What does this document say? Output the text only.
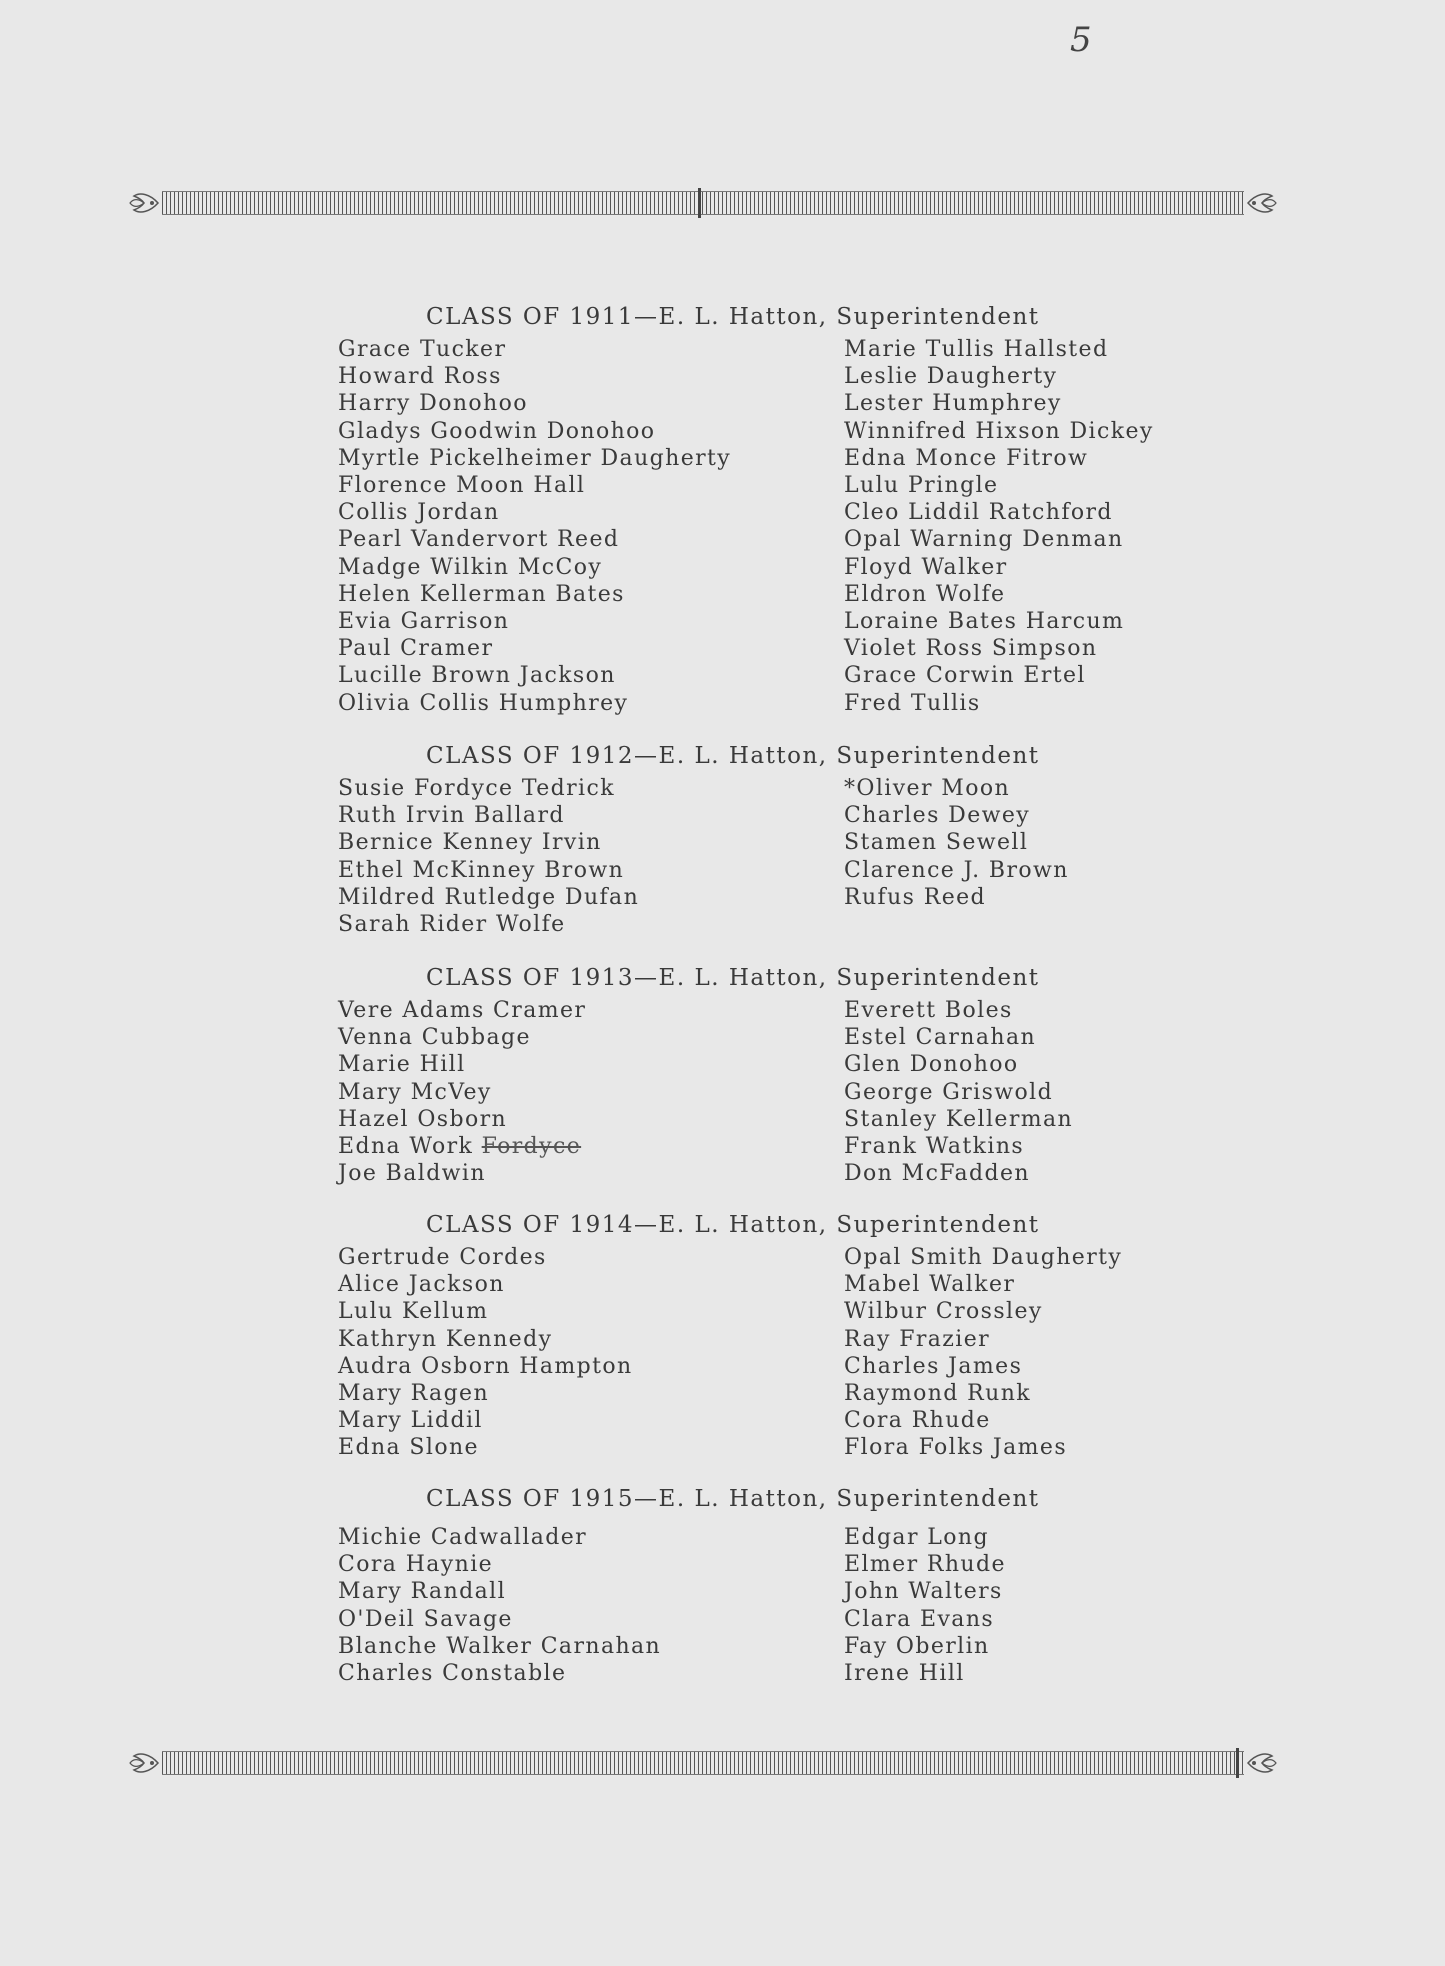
5
CLASS OF 1911—E. L. Hatton, Superintendent
Grace Tucker
Howard Ross
Harry Donohoo
Gladys Goodwin Donohoo
Myrtle Pickelheimer Daugherty
Florence Moon Hall
Collis Jordan
Pearl Vandervort Reed
Madge Wilkin McCoy
Helen Kellerman Bates
Evia Garrison
Paul Cramer
Lucille Brown Jackson
Olivia Collis Humphrey
Marie Tullis Hallsted
Leslie Daugherty
Lester Humphrey
Winnifred Hixson Dickey
Edna Monce Fitrow
Lulu Pringle
Cleo Liddil Ratchford
Opal Warning Denman
Floyd Walker
Eldron Wolfe
Loraine Bates Harcum
Violet Ross Simpson
Grace Corwin Ertel
Fred Tullis
CLASS OF 1912—E. L. Hatton, Superintendent
Susie Fordyce Tedrick
Ruth Irvin Ballard
Bernice Kenney Irvin
Ethel McKinney Brown
Mildred Rutledge Dufan
Sarah Rider Wolfe
*Oliver Moon
Charles Dewey
Stamen Sewell
Clarence J. Brown
Rufus Reed
CLASS OF 1913—E. L. Hatton, Superintendent
Vere Adams Cramer
Venna Cubbage
Marie Hill
Mary McVey
Hazel Osborn
Edna Work Fordyce
Joe Baldwin
Everett Boles
Estel Carnahan
Glen Donohoo
George Griswold
Stanley Kellerman
Frank Watkins
Don McFadden
CLASS OF 1914—E. L. Hatton, Superintendent
Gertrude Cordes
Alice Jackson
Lulu Kellum
Kathryn Kennedy
Audra Osborn Hampton
Mary Ragen
Mary Liddil
Edna Slone
Opal Smith Daugherty
Mabel Walker
Wilbur Crossley
Ray Frazier
Charles James
Raymond Runk
Cora Rhude
Flora Folks James
CLASS OF 1915—E. L. Hatton, Superintendent
Michie Cadwallader
Cora Haynie
Mary Randall
O'Deil Savage
Blanche Walker Carnahan
Charles Constable
Edgar Long
Elmer Rhude
John Walters
Clara Evans
Fay Oberlin
Irene Hill
